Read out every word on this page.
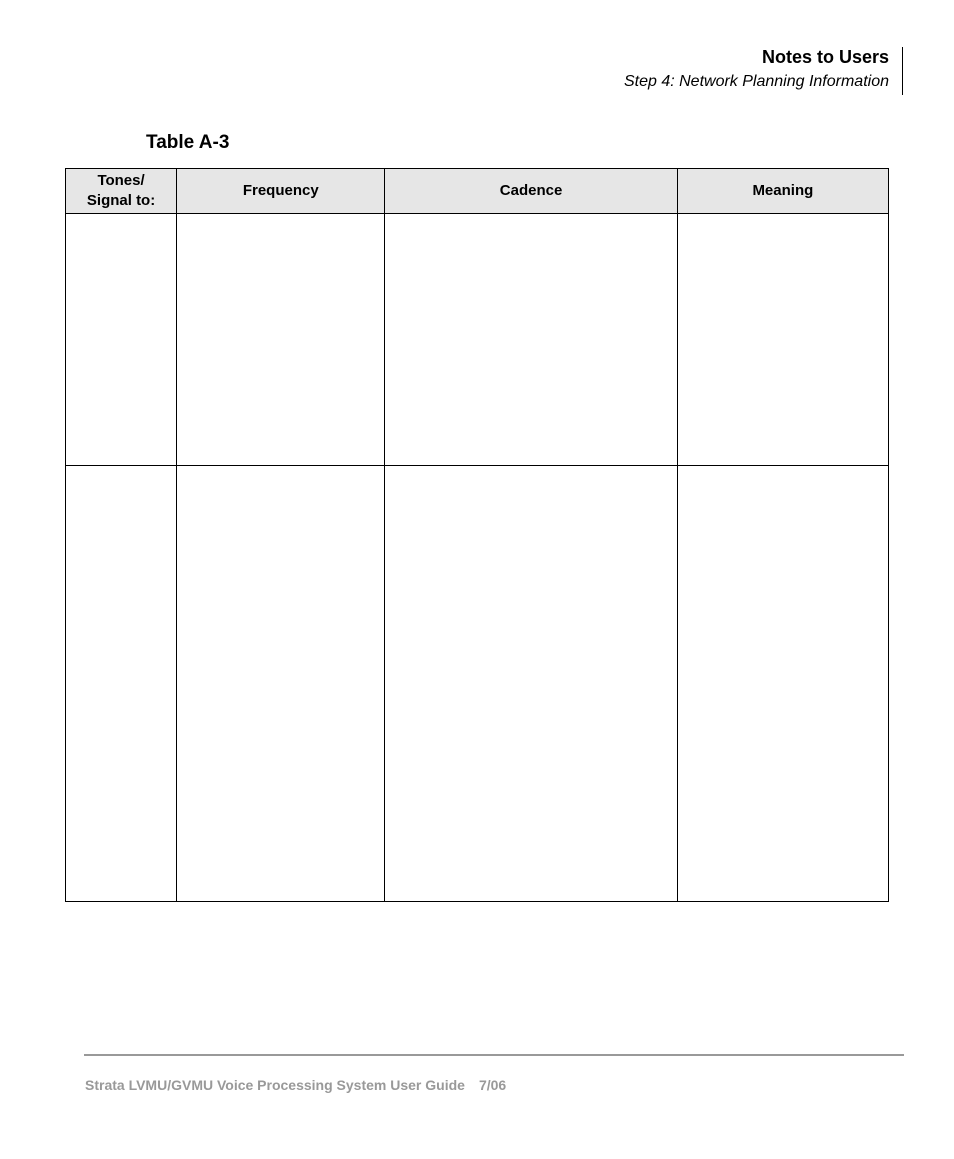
Notes to Users
Step 4: Network Planning Information
Table A-3
Tones/
Signal to:	Frequency	Cadence	Meaning

Strata LVMU/GVMU Voice Processing System User Guide 7/06
